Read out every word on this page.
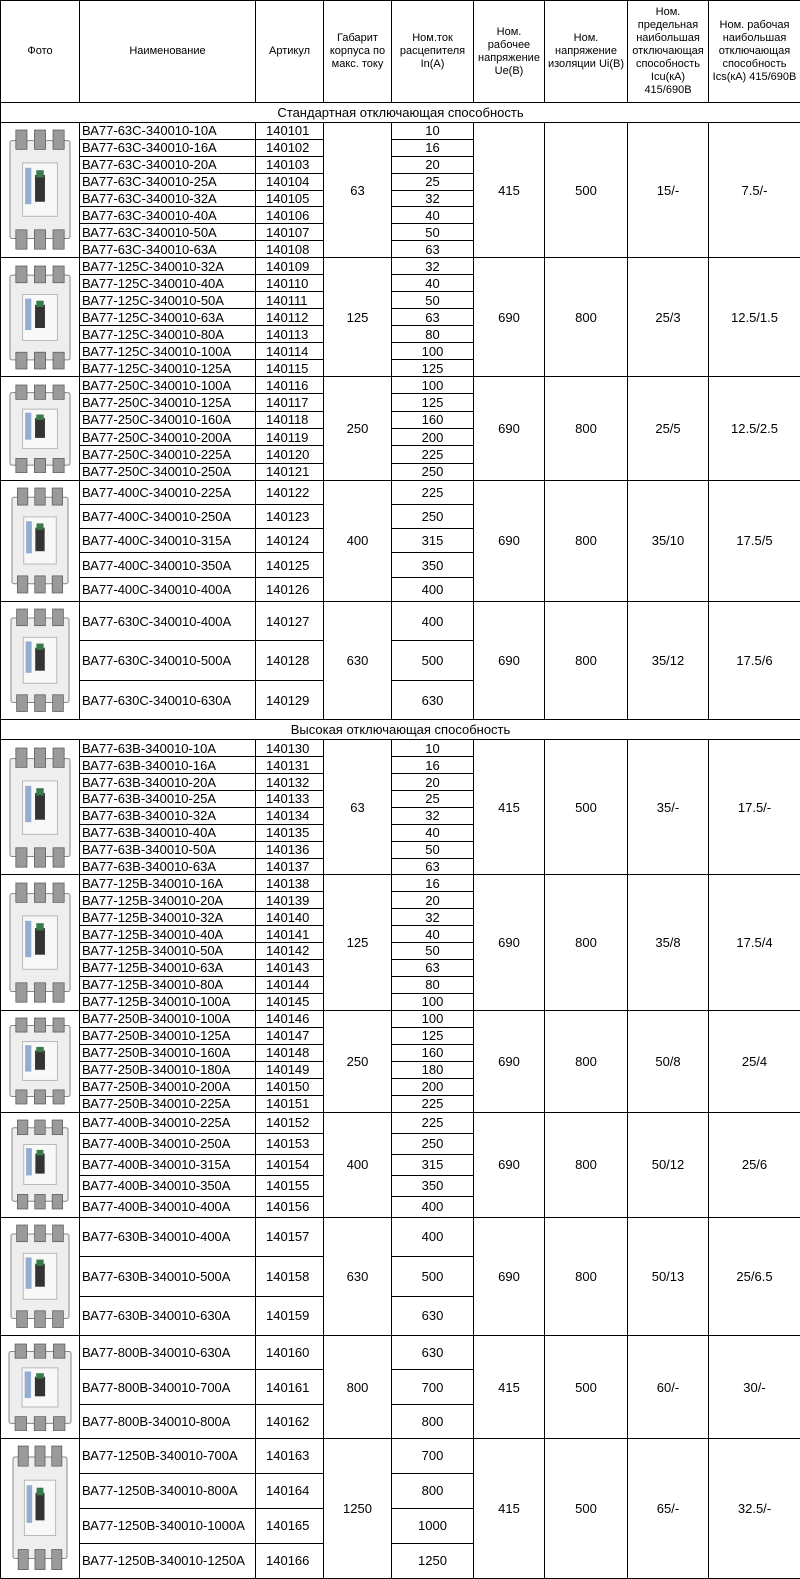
Фото	Наименование	Артикул	Габарит корпуса по макс. току	Ном.ток расцепителя In(A)	Ном. рабочее напряжение Ue(В)	Ном. напряжение изоляции Ui(В)	Ном. предельная наибольшая отключающая способность Icu(кА) 415/690В	Ном. рабочая наибольшая отключающая способность Ics(кА) 415/690В
Стандартная отключающая способность								

	ВА77-63С-340010-10А	140101	63	10	415	500	15/-	7.5/-
	ВА77-63С-340010-16А	140102		16				
	ВА77-63С-340010-20А	140103		20				
	ВА77-63С-340010-25А	140104		25				
	ВА77-63С-340010-32А	140105		32				
	ВА77-63С-340010-40А	140106		40				
	ВА77-63С-340010-50А	140107		50				
	ВА77-63С-340010-63А	140108		63				

	ВА77-125С-340010-32А	140109	125	32	690	800	25/3	12.5/1.5
	ВА77-125С-340010-40А	140110		40				
	ВА77-125С-340010-50А	140111		50				
	ВА77-125С-340010-63А	140112		63				
	ВА77-125С-340010-80А	140113		80				
	ВА77-125С-340010-100А	140114		100				
	ВА77-125С-340010-125А	140115		125				

	ВА77-250С-340010-100А	140116	250	100	690	800	25/5	12.5/2.5
	ВА77-250С-340010-125А	140117		125				
	ВА77-250С-340010-160А	140118		160				
	ВА77-250С-340010-200А	140119		200				
	ВА77-250С-340010-225А	140120		225				
	ВА77-250С-340010-250А	140121		250				

	ВА77-400С-340010-225А	140122	400	225	690	800	35/10	17.5/5
	ВА77-400С-340010-250А	140123		250				
	ВА77-400С-340010-315А	140124		315				
	ВА77-400С-340010-350А	140125		350				
	ВА77-400С-340010-400А	140126		400				

	ВА77-630С-340010-400А	140127	630	400	690	800	35/12	17.5/6
	ВА77-630С-340010-500А	140128		500				
	ВА77-630С-340010-630А	140129		630				
Высокая отключающая способность								

	ВА77-63В-340010-10А	140130	63	10	415	500	35/-	17.5/-
	ВА77-63В-340010-16А	140131		16				
	ВА77-63В-340010-20А	140132		20				
	ВА77-63В-340010-25А	140133		25				
	ВА77-63В-340010-32А	140134		32				
	ВА77-63В-340010-40А	140135		40				
	ВА77-63В-340010-50А	140136		50				
	ВА77-63В-340010-63А	140137		63				

	ВА77-125В-340010-16А	140138	125	16	690	800	35/8	17.5/4
	ВА77-125В-340010-20А	140139		20				
	ВА77-125В-340010-32А	140140		32				
	ВА77-125В-340010-40А	140141		40				
	ВА77-125В-340010-50А	140142		50				
	ВА77-125В-340010-63А	140143		63				
	ВА77-125В-340010-80А	140144		80				
	ВА77-125В-340010-100А	140145		100				

	ВА77-250В-340010-100А	140146	250	100	690	800	50/8	25/4
	ВА77-250В-340010-125А	140147		125				
	ВА77-250В-340010-160А	140148		160				
	ВА77-250В-340010-180А	140149		180				
	ВА77-250В-340010-200А	140150		200				
	ВА77-250В-340010-225А	140151		225				

	ВА77-400В-340010-225А	140152	400	225	690	800	50/12	25/6
	ВА77-400В-340010-250А	140153		250				
	ВА77-400В-340010-315А	140154		315				
	ВА77-400В-340010-350А	140155		350				
	ВА77-400В-340010-400А	140156		400				

	ВА77-630В-340010-400А	140157	630	400	690	800	50/13	25/6.5
	ВА77-630В-340010-500А	140158		500				
	ВА77-630В-340010-630А	140159		630				

	ВА77-800В-340010-630А	140160	800	630	415	500	60/-	30/-
	ВА77-800В-340010-700А	140161		700				
	ВА77-800В-340010-800А	140162		800				

	ВА77-1250В-340010-700А	140163	1250	700	415	500	65/-	32.5/-
	ВА77-1250В-340010-800А	140164		800				
	ВА77-1250В-340010-1000А	140165		1000				
	ВА77-1250В-340010-1250А	140166		1250				
